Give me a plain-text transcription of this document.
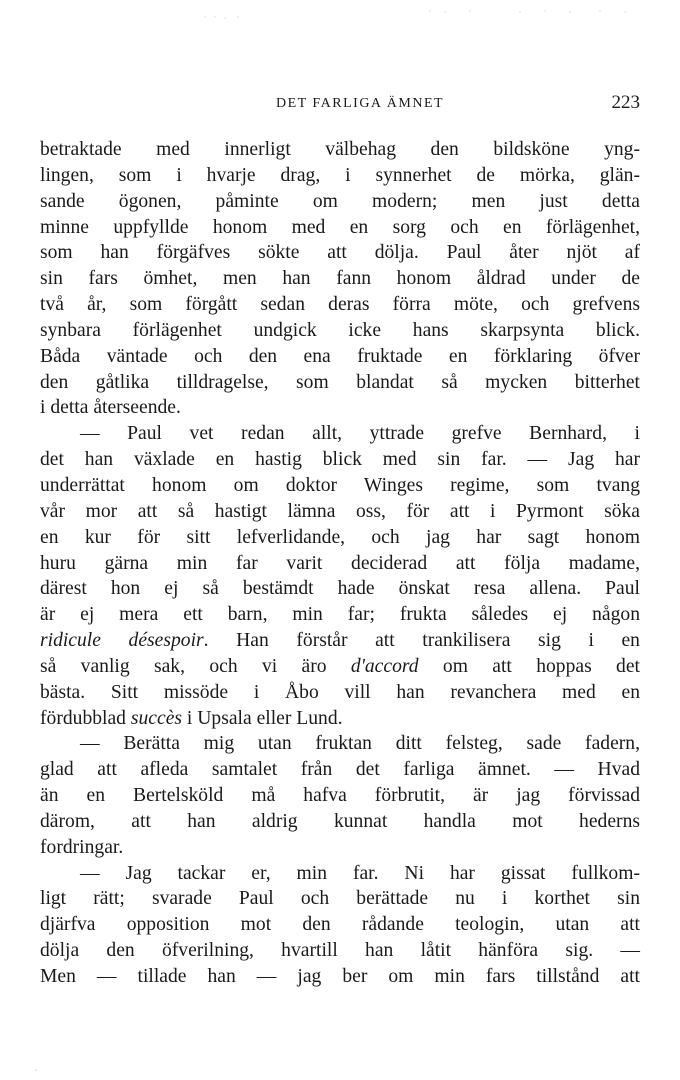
DET FARLIGA ÄMNET	223
betraktade med innerligt välbehag den bildsköne yng-
lingen, som i hvarje drag, i synnerhet de mörka, glän-
sande ögonen, påminte om modern; men just detta
minne uppfyllde honom med en sorg och en förlägenhet,
som han förgäfves sökte att dölja. Paul åter njöt af
sin fars ömhet, men han fann honom åldrad under de
två år, som förgått sedan deras förra möte, och grefvens
synbara förlägenhet undgick icke hans skarpsynta blick.
Båda väntade och den ena fruktade en förklaring öfver
den gåtlika tilldragelse, som blandat så mycken bitterhet
i detta återseende.
— Paul vet redan allt, yttrade grefve Bernhard, i
det han växlade en hastig blick med sin far. — Jag har
underrättat honom om doktor Winges regime, som tvang
vår mor att så hastigt lämna oss, för att i Pyrmont söka
en kur för sitt lefverlidande, och jag har sagt honom
huru gärna min far varit deciderad att följa madame,
därest hon ej så bestämdt hade önskat resa allena. Paul
är ej mera ett barn, min far; frukta således ej någon
ridicule désespoir. Han förstår att trankilisera sig i en
så vanlig sak, och vi äro d'accord om att hoppas det
bästa. Sitt missöde i Åbo vill han revanchera med en
fördubblad succès i Upsala eller Lund.
— Berätta mig utan fruktan ditt felsteg, sade fadern,
glad att afleda samtalet från det farliga ämnet. — Hvad
än en Bertelsköld må hafva förbrutit, är jag förvissad
därom, att han aldrig kunnat handla mot hederns
fordringar.
— Jag tackar er, min far. Ni har gissat fullkom-
ligt rätt; svarade Paul och berättade nu i korthet sin
djärfva opposition mot den rådande teologin, utan att
dölja den öfverilning, hvartill han låtit hänföra sig. —
Men — tillade han — jag ber om min fars tillstånd att
